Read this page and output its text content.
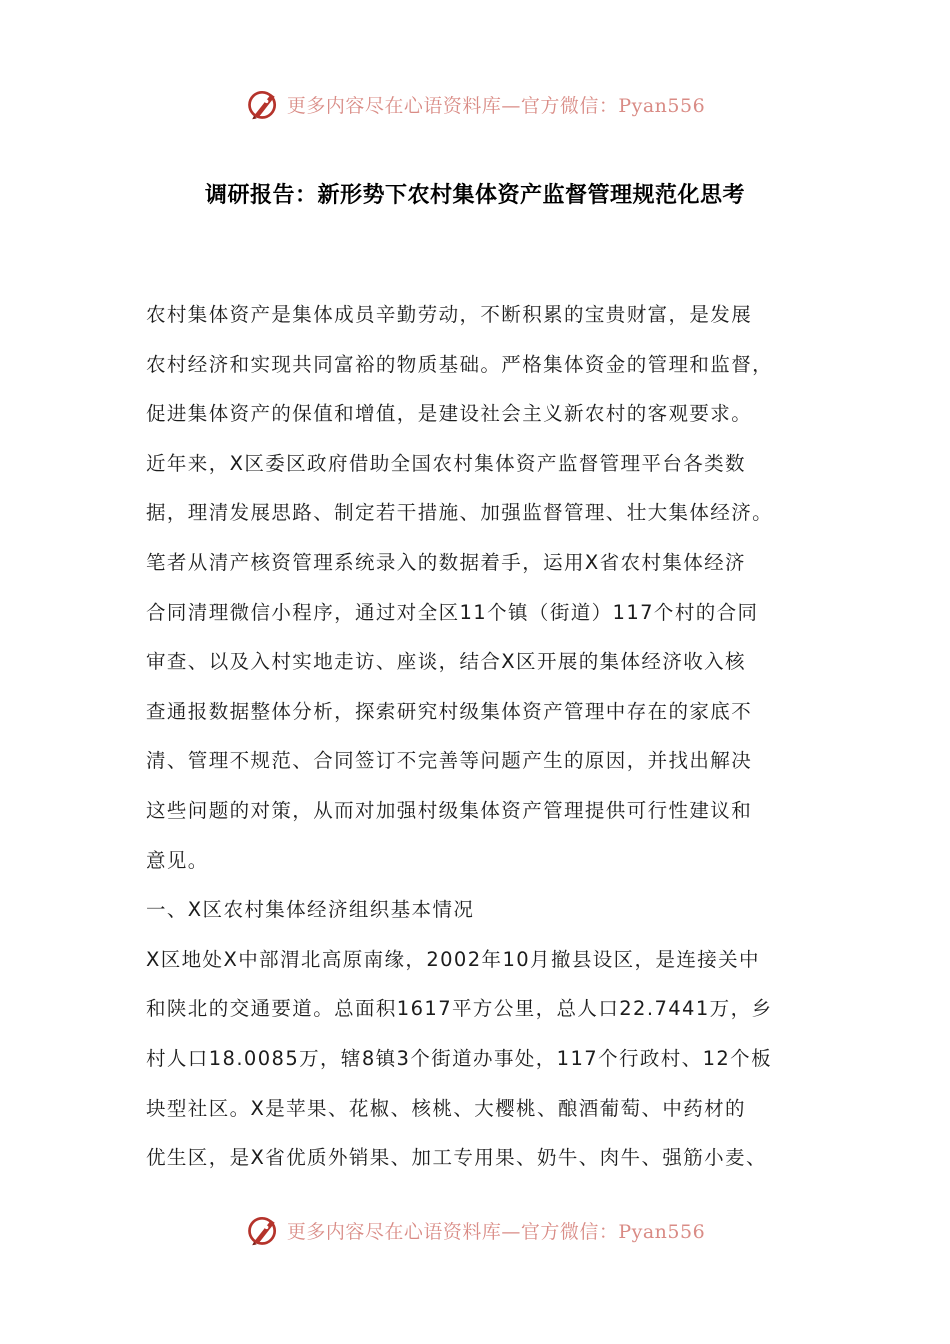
更多内容尽在心语资料库—官方微信：Pyan556
调研报告：新形势下农村集体资产监督管理规范化思考
农村集体资产是集体成员辛勤劳动，不断积累的宝贵财富，是发展
农村经济和实现共同富裕的物质基础。严格集体资金的管理和监督，
促进集体资产的保值和增值，是建设社会主义新农村的客观要求。
近年来，X区委区政府借助全国农村集体资产监督管理平台各类数
据，理清发展思路、制定若干措施、加强监督管理、壮大集体经济。
笔者从清产核资管理系统录入的数据着手，运用X省农村集体经济
合同清理微信小程序，通过对全区11个镇（街道）117个村的合同
审查、以及入村实地走访、座谈，结合X区开展的集体经济收入核
查通报数据整体分析，探索研究村级集体资产管理中存在的家底不
清、管理不规范、合同签订不完善等问题产生的原因，并找出解决
这些问题的对策，从而对加强村级集体资产管理提供可行性建议和
意见。
一、X区农村集体经济组织基本情况
X区地处X中部渭北高原南缘，2002年10月撤县设区，是连接关中
和陕北的交通要道。总面积1617平方公里，总人口22.7441万，乡
村人口18.0085万，辖8镇3个街道办事处，117个行政村、12个板
块型社区。X是苹果、花椒、核桃、大樱桃、酿酒葡萄、中药材的
优生区，是X省优质外销果、加工专用果、奶牛、肉牛、强筋小麦、
更多内容尽在心语资料库—官方微信：Pyan556
